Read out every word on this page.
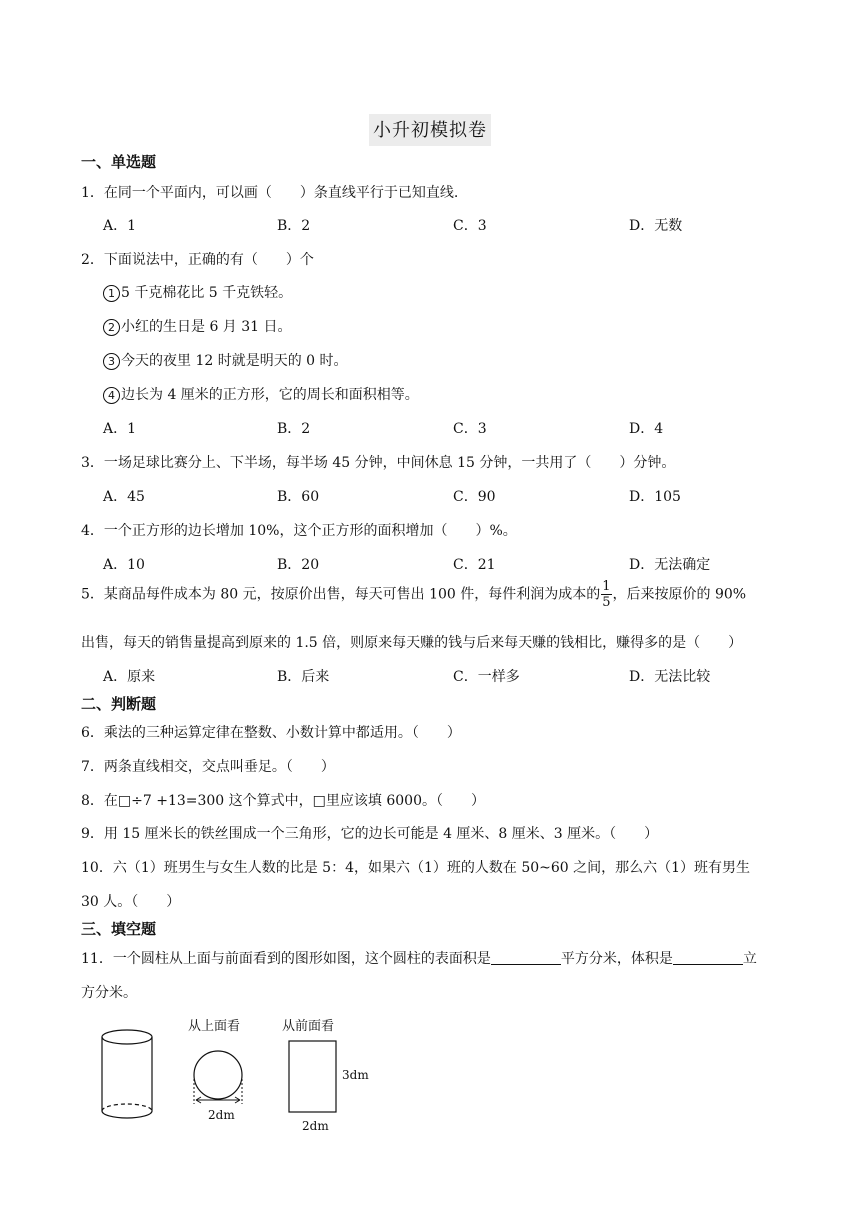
小升初模拟卷
一、单选题
1．在同一个平面内，可以画（　　）条直线平行于已知直线.
A．1	B．2	C．3	D．无数
2．下面说法中，正确的有（　　）个
1 5 千克棉花比 5 千克铁轻。
2 小红的生日是 6 月 31 日。
3 今天的夜里 12 时就是明天的 0 时。
4 边长为 4 厘米的正方形，它的周长和面积相等。
A．1	B．2	C．3	D．4
3．一场足球比赛分上、下半场，每半场 45 分钟，中间休息 15 分钟，一共用了（　　）分钟。
A．45	B．60	C．90	D．105
4．一个正方形的边长增加 10%，这个正方形的面积增加（　　）%。
A．10	B．20	C．21	D．无法确定
5．某商品每件成本为 80 元，按原价出售，每天可售出 100 件，每件利润为成本的 $\frac{1}{5}$ ，后来按原价的 90%
出售，每天的销售量提高到原来的 1.5 倍，则原来每天赚的钱与后来每天赚的钱相比，赚得多的是（　　）
A．原来	B．后来	C．一样多	D．无法比较
二、判断题
6．乘法的三种运算定律在整数、小数计算中都适用。（　　）
7．两条直线相交，交点叫垂足。（　　）
8．在□÷7 +13=300 这个算式中，□里应该填 6000。（　　）
9．用 15 厘米长的铁丝围成一个三角形，它的边长可能是 4 厘米、8 厘米、3 厘米。（　　）
10．六（1）班男生与女生人数的比是 5：4，如果六（1）班的人数在 50~60 之间，那么六（1）班有男生
30 人。（　　）
三、填空题
11．一个圆柱从上面与前面看到的图形如图，这个圆柱的表面积是	平方分米，体积是	立
方分米。
从上面看
2dm
从前面看
3dm
2dm
